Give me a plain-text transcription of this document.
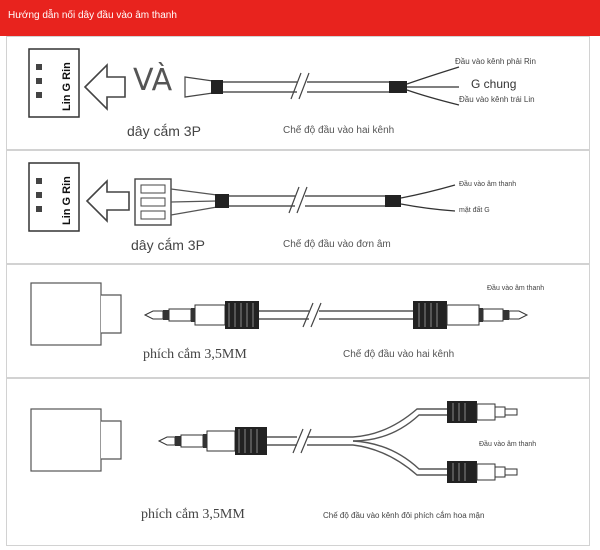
Hướng dẫn nối dây đầu vào âm thanh
Lin G Rin VÀ
dây cắm 3P	Chế độ đầu vào hai kênh
Đầu vào kênh phải Rin
G chung
Đầu vào kênh trái Lin
Lin G Rin
dây cắm 3P	Chế độ đầu vào đơn âm
Đầu vào âm thanh
mặt đất G
Đầu vào âm thanh
phích cắm 3,5MM	Chế độ đầu vào hai kênh
Đầu vào âm thanh
phích cắm 3,5MM	Chế độ đầu vào kênh đôi phích cắm hoa mận
